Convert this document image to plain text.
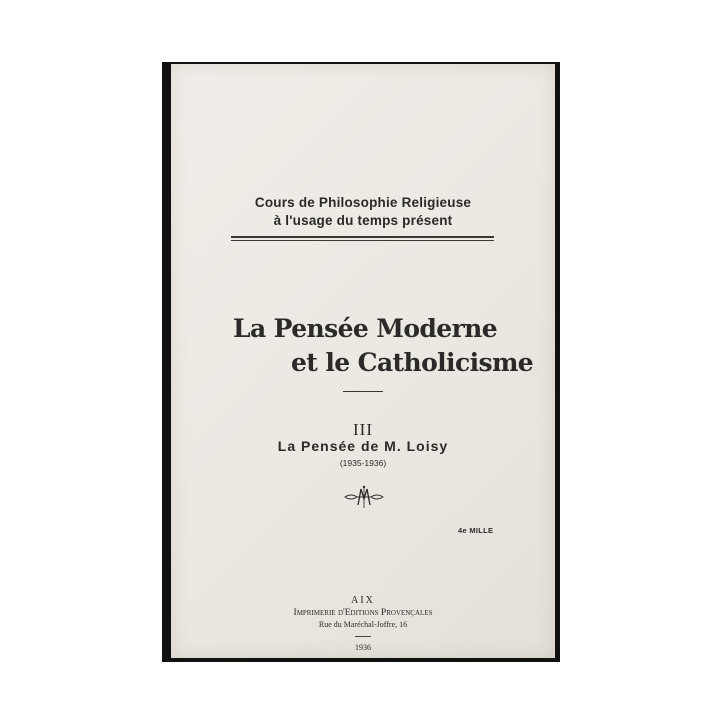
Cours de Philosophie Religieuse
à l'usage du temps présent
La Pensée Moderne
et le Catholicisme
III
La Pensée de M. Loisy
(1935-1936)
4e MILLE
AIX
Imprimerie d'Editions Provençales
Rue du Maréchal-Joffre, 16
1936
